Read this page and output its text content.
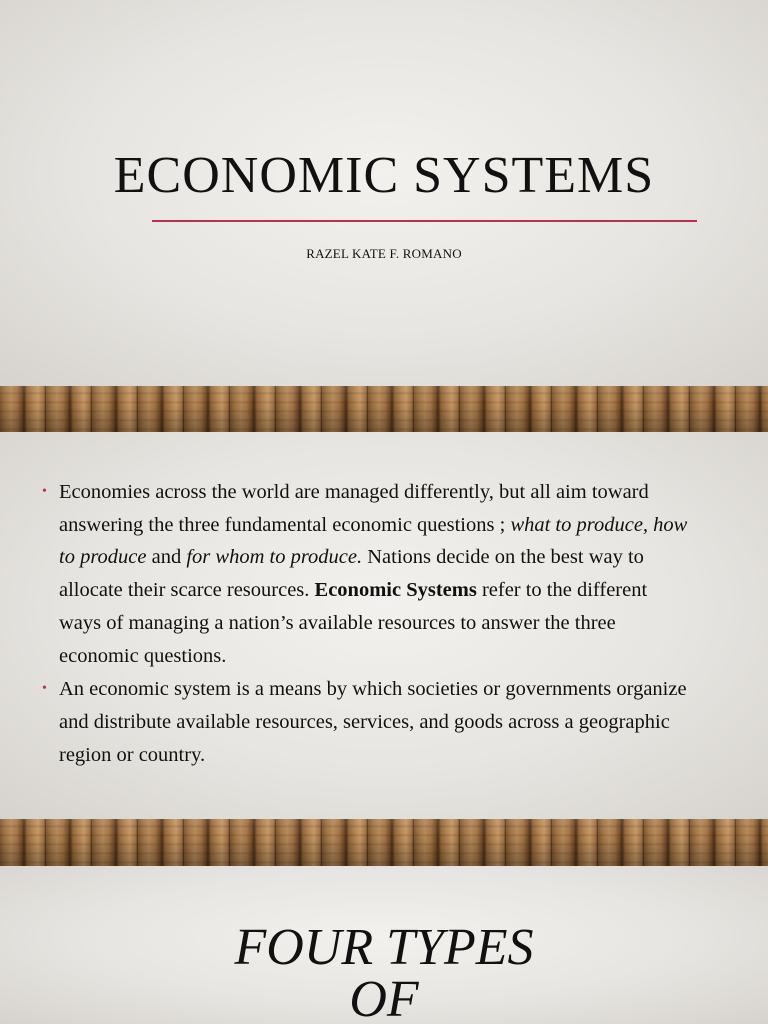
ECONOMIC SYSTEMS
RAZEL KATE F. ROMANO
• Economies across the world are managed differently, but all aim toward answering the three fundamental economic questions ; what to produce, how to produce and for whom to produce. Nations decide on the best way to allocate their scarce resources. Economic Systems refer to the different ways of managing a nation’s available resources to answer the three economic questions.
• An economic system is a means by which societies or governments organize and distribute available resources, services, and goods across a geographic region or country.
FOUR TYPES
OF
